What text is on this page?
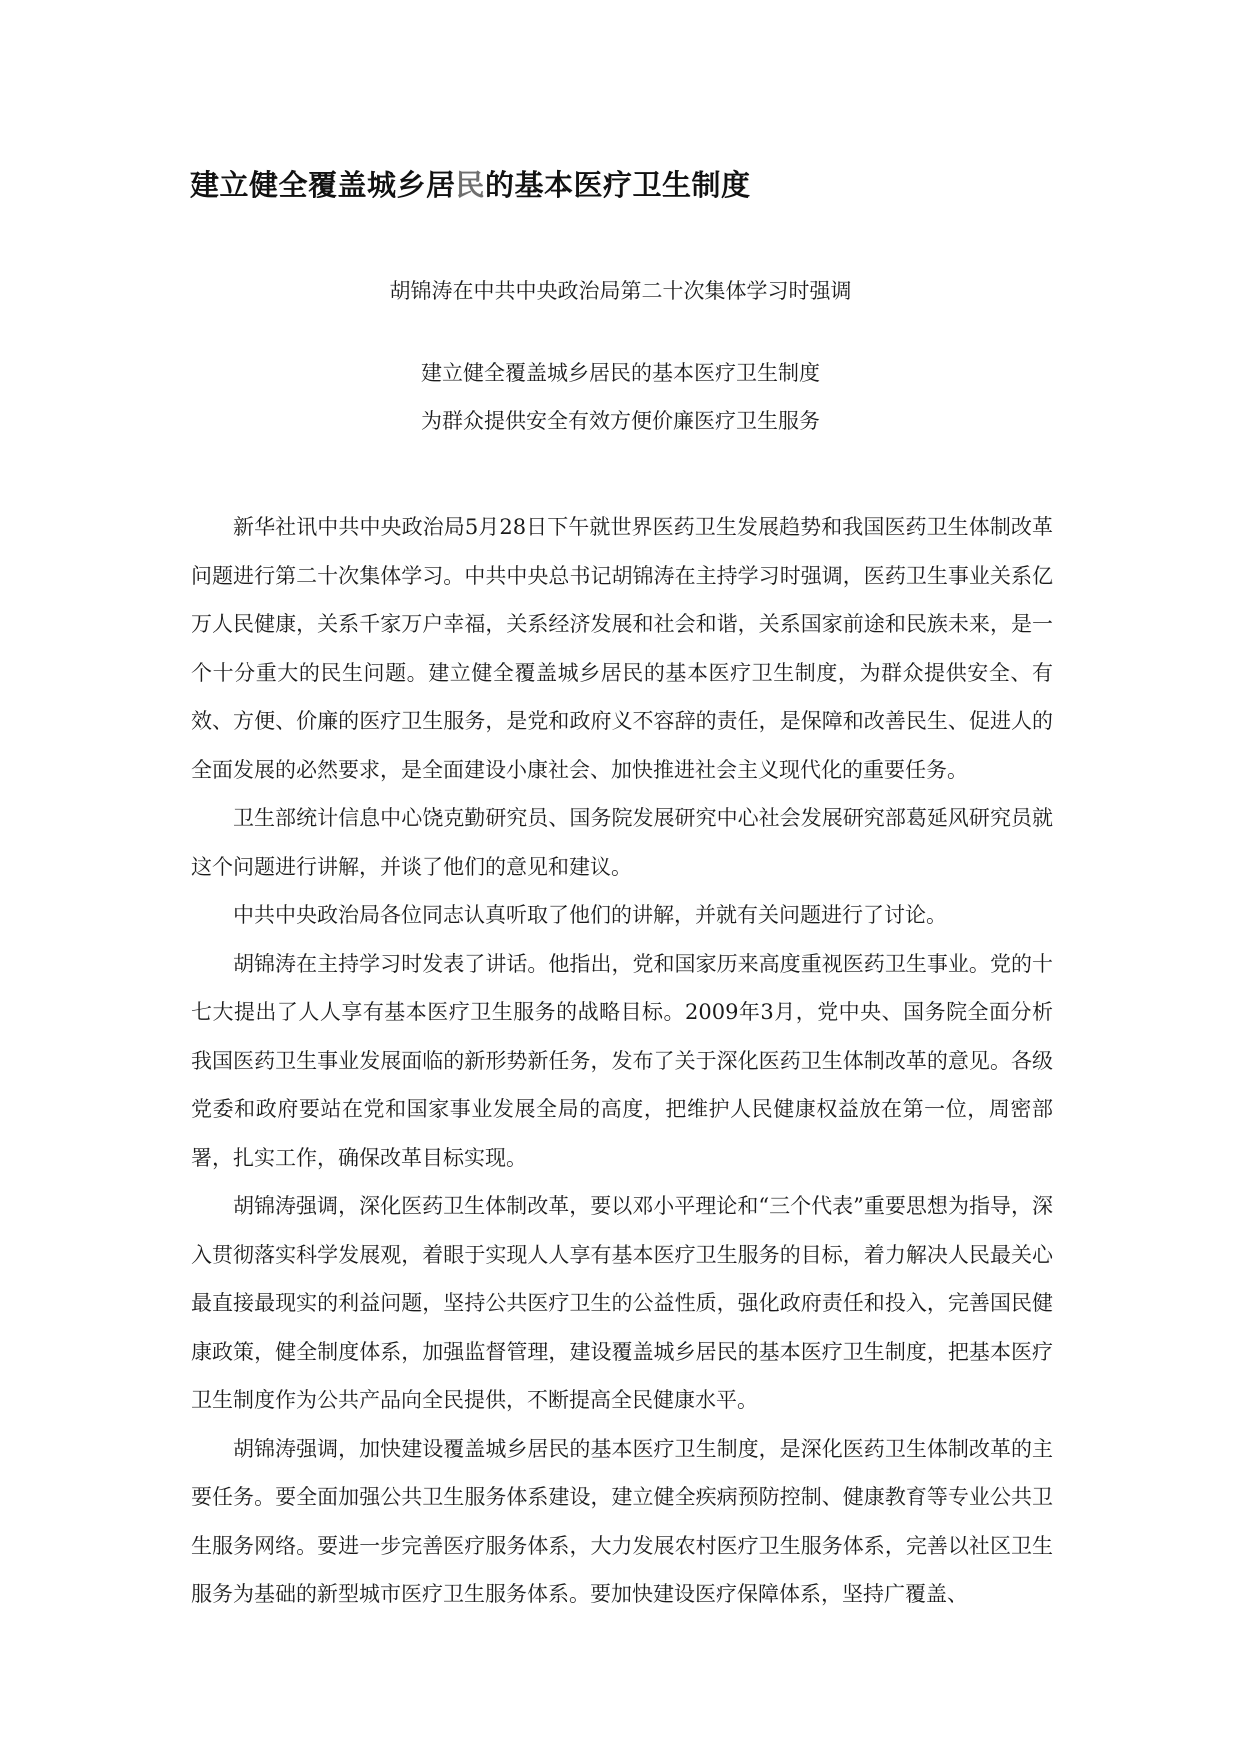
建立健全覆盖城乡居民的基本医疗卫生制度
胡锦涛在中共中央政治局第二十次集体学习时强调
建立健全覆盖城乡居民的基本医疗卫生制度
为群众提供安全有效方便价廉医疗卫生服务

新华社讯中共中央政治局5月28日下午就世界医药卫生发展趋势和我国医药卫生体制改革问题进行第二十次集体学习。中共中央总书记胡锦涛在主持学习时强调，医药卫生事业关系亿万人民健康，关系千家万户幸福，关系经济发展和社会和谐，关系国家前途和民族未来，是一个十分重大的民生问题。建立健全覆盖城乡居民的基本医疗卫生制度，为群众提供安全、有效、方便、价廉的医疗卫生服务，是党和政府义不容辞的责任，是保障和改善民生、促进人的全面发展的必然要求，是全面建设小康社会、加快推进社会主义现代化的重要任务。

卫生部统计信息中心饶克勤研究员、国务院发展研究中心社会发展研究部葛延风研究员就这个问题进行讲解，并谈了他们的意见和建议。

中共中央政治局各位同志认真听取了他们的讲解，并就有关问题进行了讨论。

胡锦涛在主持学习时发表了讲话。他指出，党和国家历来高度重视医药卫生事业。党的十七大提出了人人享有基本医疗卫生服务的战略目标。2009年3月，党中央、国务院全面分析我国医药卫生事业发展面临的新形势新任务，发布了关于深化医药卫生体制改革的意见。各级党委和政府要站在党和国家事业发展全局的高度，把维护人民健康权益放在第一位，周密部署，扎实工作，确保改革目标实现。

胡锦涛强调，深化医药卫生体制改革，要以邓小平理论和“三个代表”重要思想为指导，深入贯彻落实科学发展观，着眼于实现人人享有基本医疗卫生服务的目标，着力解决人民最关心最直接最现实的利益问题，坚持公共医疗卫生的公益性质，强化政府责任和投入，完善国民健康政策，健全制度体系，加强监督管理，建设覆盖城乡居民的基本医疗卫生制度，把基本医疗卫生制度作为公共产品向全民提供，不断提高全民健康水平。

胡锦涛强调，加快建设覆盖城乡居民的基本医疗卫生制度，是深化医药卫生体制改革的主要任务。要全面加强公共卫生服务体系建设，建立健全疾病预防控制、健康教育等专业公共卫生服务网络。要进一步完善医疗服务体系，大力发展农村医疗卫生服务体系，完善以社区卫生服务为基础的新型城市医疗卫生服务体系。要加快建设医疗保障体系，坚持广覆盖、
